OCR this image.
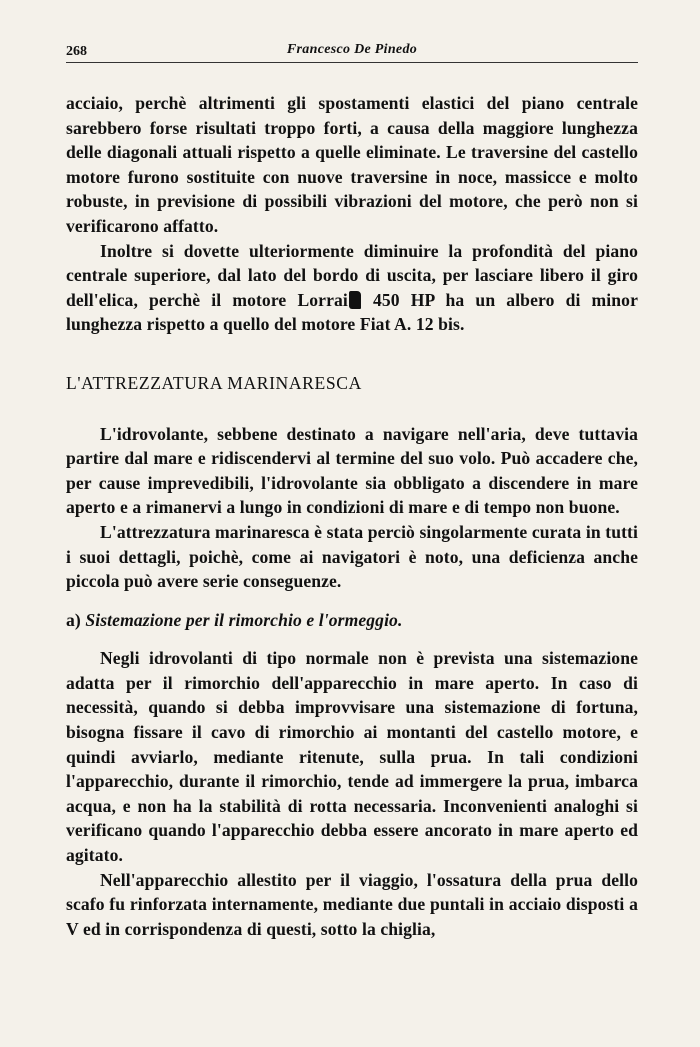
268	Francesco De Pinedo

acciaio, perchè altrimenti gli spostamenti elastici del piano centrale sarebbero forse risultati troppo forti, a causa della maggiore lunghezza delle diagonali attuali rispetto a quelle eliminate. Le traversine del castello motore furono sostituite con nuove traversine in noce, massicce e molto robuste, in previsione di possibili vibrazioni del motore, che però non si verificarono affatto.

Inoltre si dovette ulteriormente diminuire la profondità del piano centrale superiore, dal lato del bordo di uscita, per lasciare libero il giro dell'elica, perchè il motore Lorrai 450 HP ha un albero di minor lunghezza rispetto a quello del motore Fiat A. 12 bis.

L'ATTREZZATURA MARINARESCA

L'idrovolante, sebbene destinato a navigare nell'aria, deve tuttavia partire dal mare e ridiscendervi al termine del suo volo. Può accadere che, per cause imprevedibili, l'idrovolante sia obbligato a discendere in mare aperto e a rimanervi a lungo in condizioni di mare e di tempo non buone.

L'attrezzatura marinaresca è stata perciò singolarmente curata in tutti i suoi dettagli, poichè, come ai navigatori è noto, una deficienza anche piccola può avere serie conseguenze.

a) Sistemazione per il rimorchio e l'ormeggio.

Negli idrovolanti di tipo normale non è prevista una sistemazione adatta per il rimorchio dell'apparecchio in mare aperto. In caso di necessità, quando si debba improvvisare una sistemazione di fortuna, bisogna fissare il cavo di rimorchio ai montanti del castello motore, e quindi avviarlo, mediante ritenute, sulla prua. In tali condizioni l'apparecchio, durante il rimorchio, tende ad immergere la prua, imbarca acqua, e non ha la stabilità di rotta necessaria. Inconvenienti analoghi si verificano quando l'apparecchio debba essere ancorato in mare aperto ed agitato.

Nell'apparecchio allestito per il viaggio, l'ossatura della prua dello scafo fu rinforzata internamente, mediante due puntali in acciaio disposti a V ed in corrispondenza di questi, sotto la chiglia,
